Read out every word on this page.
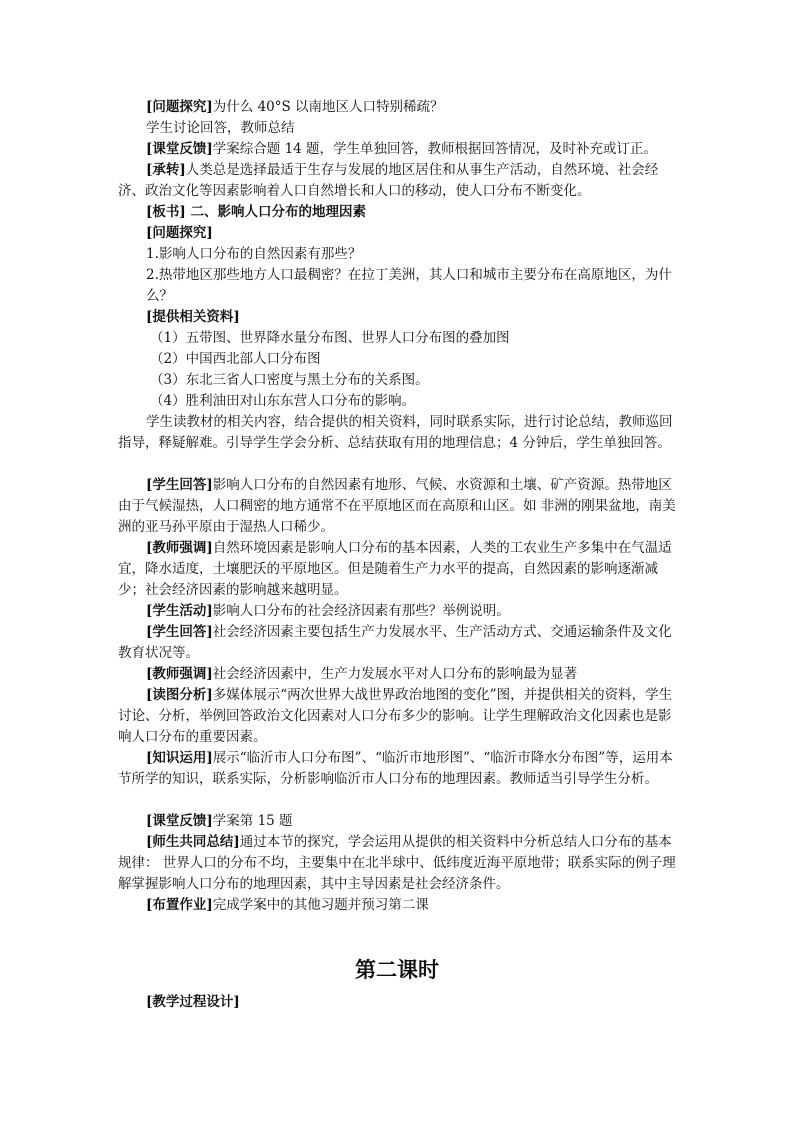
[问题探究]为什么 40°S 以南地区人口特别稀疏？

学生讨论回答，教师总结

[课堂反馈]学案综合题 14 题，学生单独回答，教师根据回答情况，及时补充或订正。

[承转]人类总是选择最适于生存与发展的地区居住和从事生产活动，自然环境、社会经济、政治文化等因素影响着人口自然增长和人口的移动，使人口分布不断变化。

[板书] 二、影响人口分布的地理因素

[问题探究]

1.影响人口分布的自然因素有那些？

2.热带地区那些地方人口最稠密？在拉丁美洲，其人口和城市主要分布在高原地区，为什么？

[提供相关资料]

（1）五带图、世界降水量分布图、世界人口分布图的叠加图

（2）中国西北部人口分布图

（3）东北三省人口密度与黑土分布的关系图。

（4）胜利油田对山东东营人口分布的影响。

学生读教材的相关内容，结合提供的相关资料，同时联系实际，进行讨论总结，教师巡回指导，释疑解难。引导学生学会分析、总结获取有用的地理信息；4 分钟后，学生单独回答。

[学生回答]影响人口分布的自然因素有地形、气候、水资源和土壤、矿产资源。热带地区由于气候湿热，人口稠密的地方通常不在平原地区而在高原和山区。如 非洲的刚果盆地，南美洲的亚马孙平原由于湿热人口稀少。

[教师强调]自然环境因素是影响人口分布的基本因素，人类的工农业生产多集中在气温适宜，降水适度，土壤肥沃的平原地区。但是随着生产力水平的提高，自然因素的影响逐渐减少；社会经济因素的影响越来越明显。

[学生活动]影响人口分布的社会经济因素有那些？举例说明。

[学生回答]社会经济因素主要包括生产力发展水平、生产活动方式、交通运输条件及文化教育状况等。

[教师强调]社会经济因素中，生产力发展水平对人口分布的影响最为显著

[读图分析]多媒体展示“两次世界大战世界政治地图的变化”图，并提供相关的资料，学生讨论、分析，举例回答政治文化因素对人口分布多少的影响。让学生理解政治文化因素也是影响人口分布的重要因素。

[知识运用]展示“临沂市人口分布图”、“临沂市地形图”、“临沂市降水分布图”等，运用本节所学的知识，联系实际，分析影响临沂市人口分布的地理因素。教师适当引导学生分析。

[课堂反馈]学案第 15 题

[师生共同总结]通过本节的探究，学会运用从提供的相关资料中分析总结人口分布的基本规律： 世界人口的分布不均，主要集中在北半球中、低纬度近海平原地带；联系实际的例子理解掌握影响人口分布的地理因素，其中主导因素是社会经济条件。

[布置作业]完成学案中的其他习题并预习第二课

第二课时

[教学过程设计]
